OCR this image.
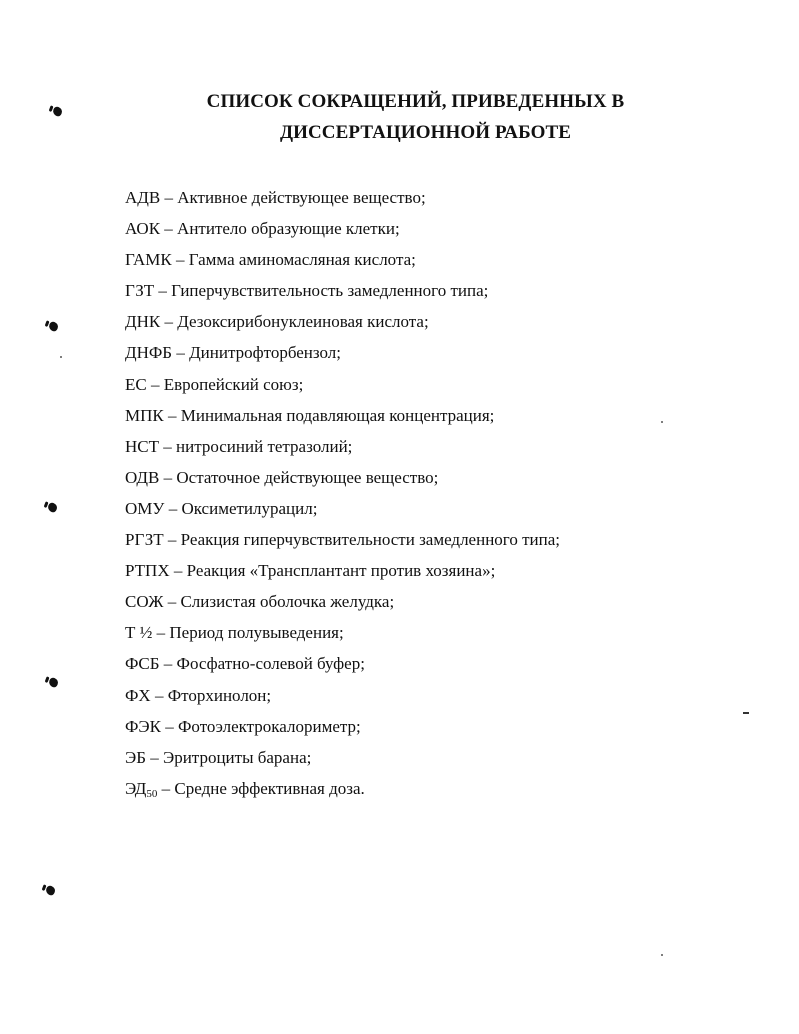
СПИСОК СОКРАЩЕНИЙ, ПРИВЕДЕННЫХ В
ДИССЕРТАЦИОННОЙ РАБОТЕ
АДВ – Активное действующее вещество;
АОК – Антитело образующие клетки;
ГАМК – Гамма аминомасляная кислота;
ГЗТ – Гиперчувствительность замедленного типа;
ДНК – Дезоксирибонуклеиновая кислота;
ДНФБ – Динитрофторбензол;
ЕС – Европейский союз;
МПК – Минимальная подавляющая концентрация;
НСТ – нитросиний тетразолий;
ОДВ – Остаточное действующее вещество;
ОМУ – Оксиметилурацил;
РГЗТ – Реакция гиперчувствительности замедленного типа;
РТПХ – Реакция «Трансплантант против хозяина»;
СОЖ – Слизистая оболочка желудка;
Т ½ – Период полувыведения;
ФСБ – Фосфатно-солевой буфер;
ФХ – Фторхинолон;
ФЭК – Фотоэлектрокалориметр;
ЭБ – Эритроциты барана;
$ЭД_{50}$ – Средне эффективная доза.
